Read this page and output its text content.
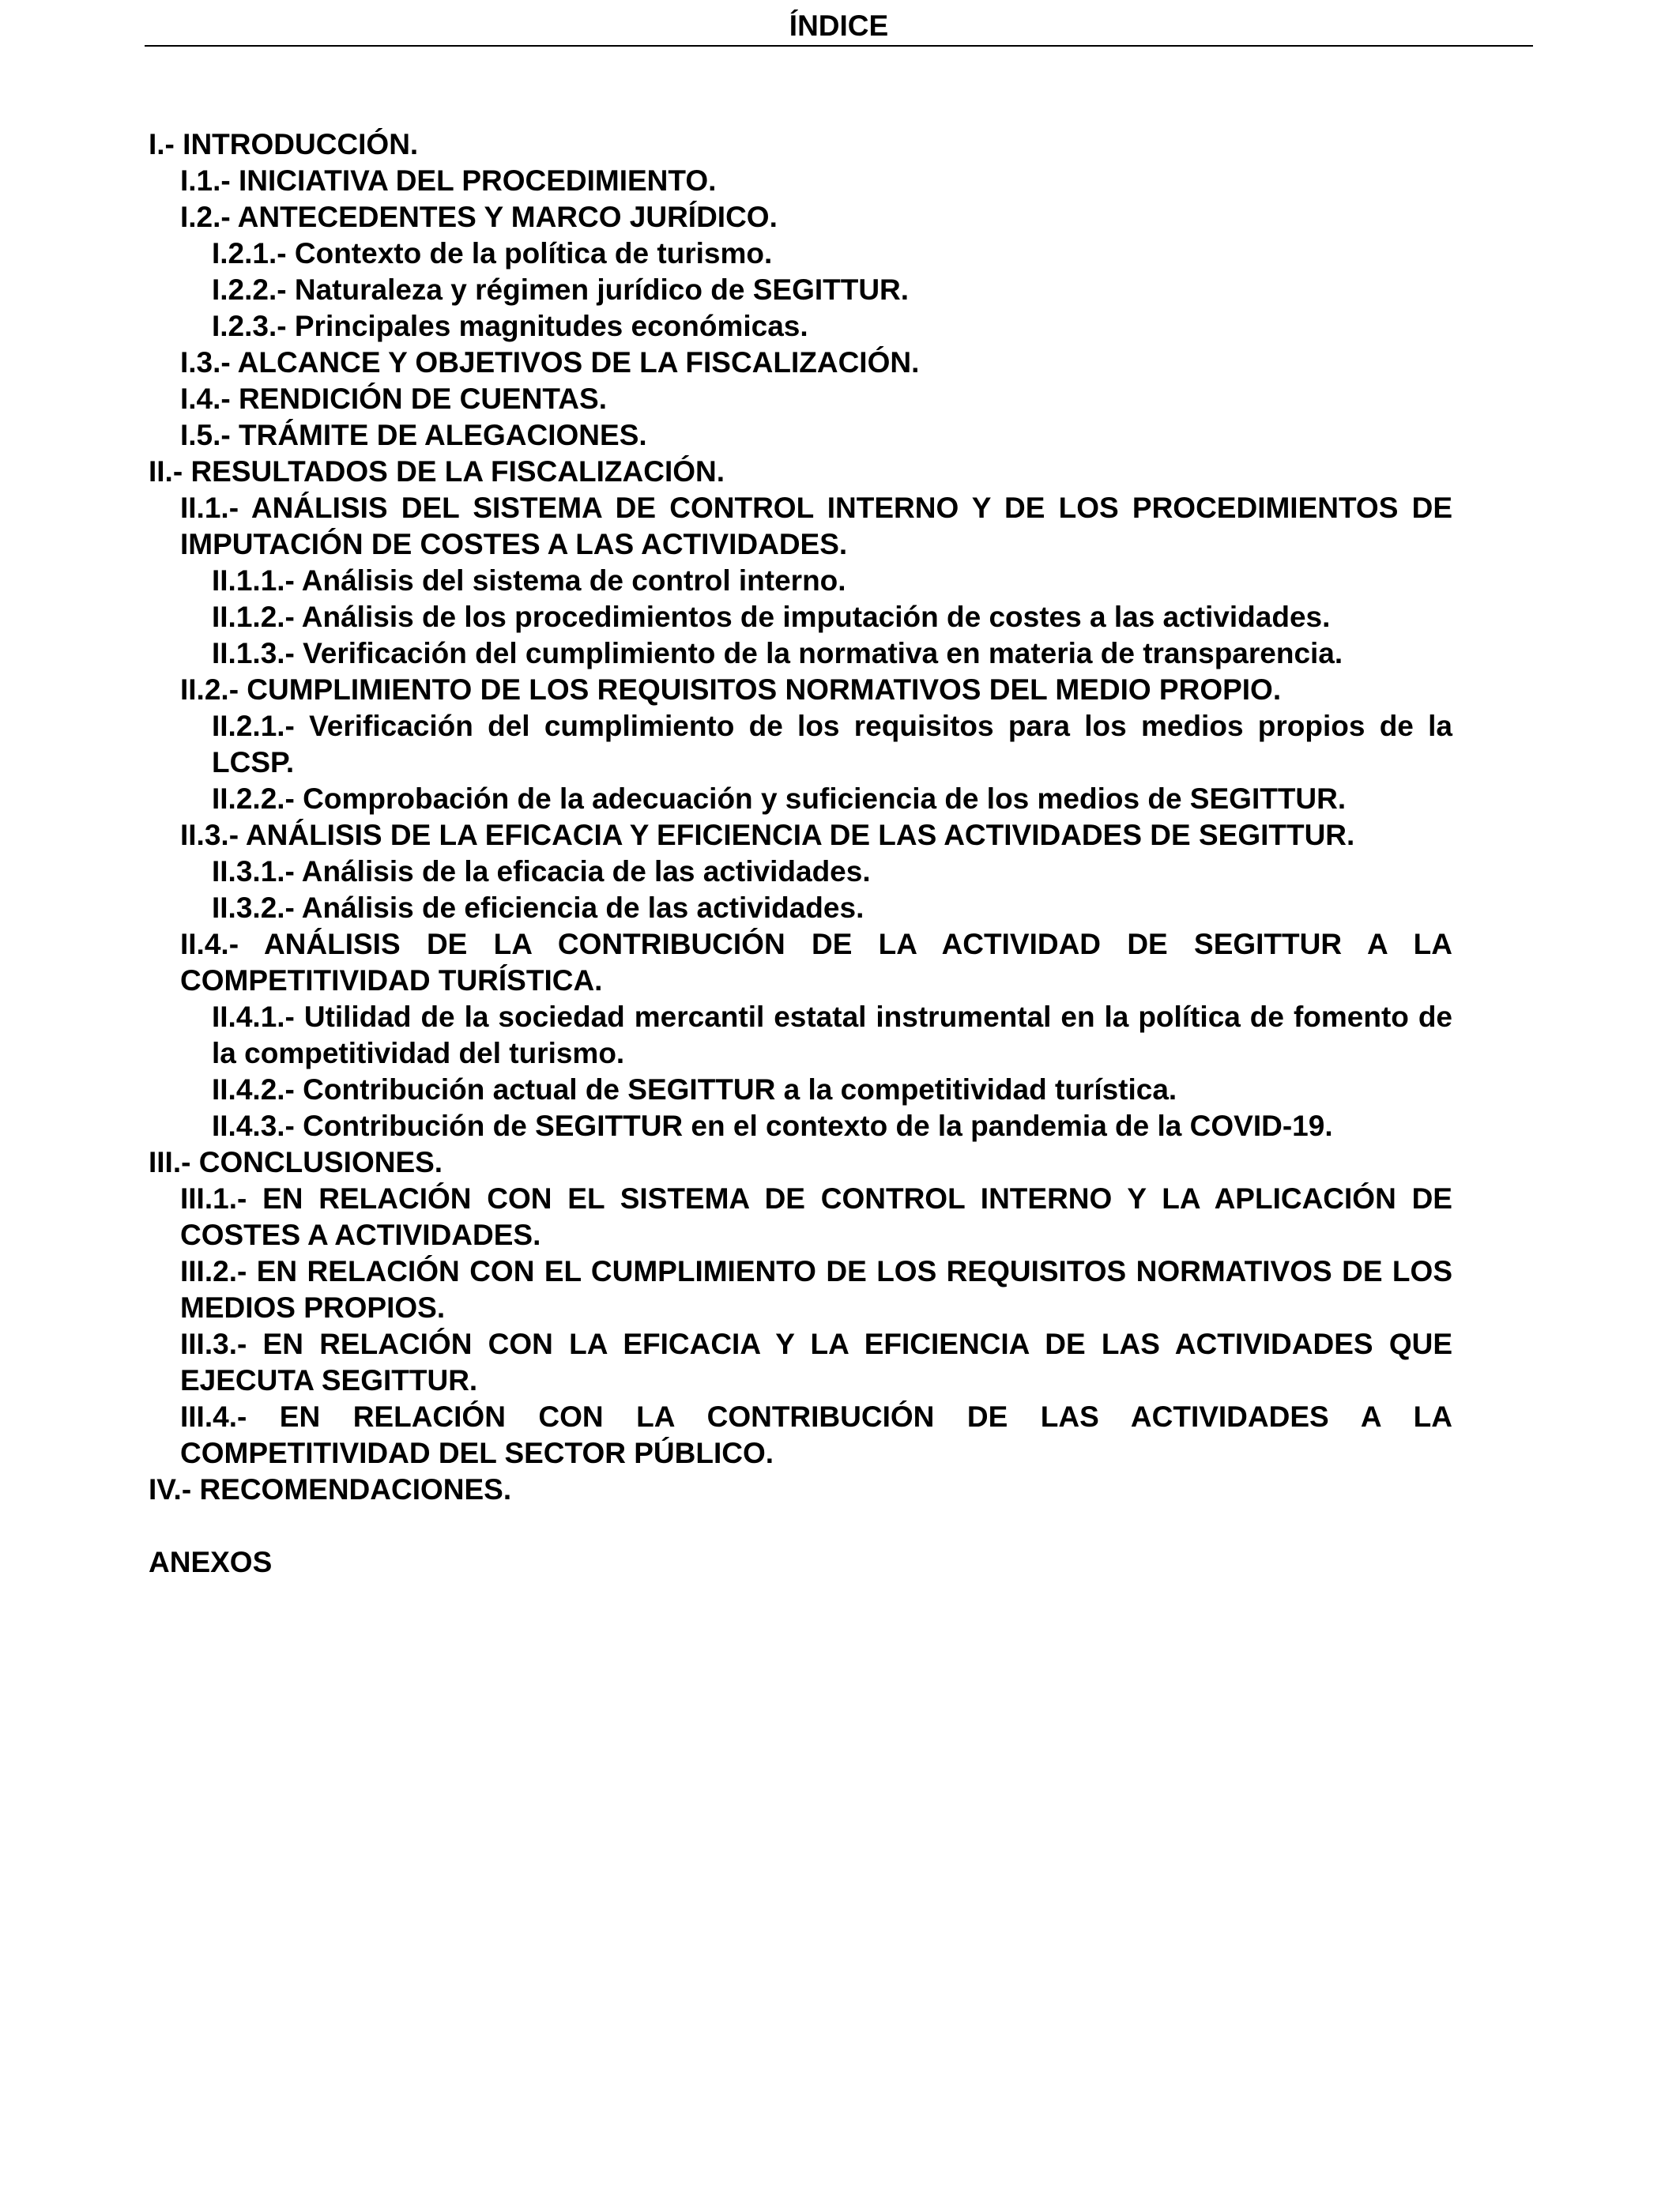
ÍNDICE
I.- INTRODUCCIÓN.
I.1.- INICIATIVA DEL PROCEDIMIENTO.
I.2.- ANTECEDENTES Y MARCO JURÍDICO.
I.2.1.- Contexto de la política de turismo.
I.2.2.- Naturaleza y régimen jurídico de SEGITTUR.
I.2.3.- Principales magnitudes económicas.
I.3.- ALCANCE Y OBJETIVOS DE LA FISCALIZACIÓN.
I.4.- RENDICIÓN DE CUENTAS.
I.5.- TRÁMITE DE ALEGACIONES.
II.- RESULTADOS DE LA FISCALIZACIÓN.
II.1.- ANÁLISIS DEL SISTEMA DE CONTROL INTERNO Y DE LOS PROCEDIMIENTOS DE IMPUTACIÓN DE COSTES A LAS ACTIVIDADES.
II.1.1.- Análisis del sistema de control interno.
II.1.2.- Análisis de los procedimientos de imputación de costes a las actividades.
II.1.3.- Verificación del cumplimiento de la normativa en materia de transparencia.
II.2.- CUMPLIMIENTO DE LOS REQUISITOS NORMATIVOS DEL MEDIO PROPIO.
II.2.1.- Verificación del cumplimiento de los requisitos para los medios propios de la LCSP.
II.2.2.- Comprobación de la adecuación y suficiencia de los medios de SEGITTUR.
II.3.- ANÁLISIS DE LA EFICACIA Y EFICIENCIA DE LAS ACTIVIDADES DE SEGITTUR.
II.3.1.- Análisis de la eficacia de las actividades.
II.3.2.- Análisis de eficiencia de las actividades.
II.4.- ANÁLISIS DE LA CONTRIBUCIÓN DE LA ACTIVIDAD DE SEGITTUR A LA COMPETITIVIDAD TURÍSTICA.
II.4.1.- Utilidad de la sociedad mercantil estatal instrumental en la política de fomento de la competitividad del turismo.
II.4.2.- Contribución actual de SEGITTUR a la competitividad turística.
II.4.3.- Contribución de SEGITTUR en el contexto de la pandemia de la COVID-19.
III.- CONCLUSIONES.
III.1.- EN RELACIÓN CON EL SISTEMA DE CONTROL INTERNO Y LA APLICACIÓN DE COSTES A ACTIVIDADES.
III.2.- EN RELACIÓN CON EL CUMPLIMIENTO DE LOS REQUISITOS NORMATIVOS DE LOS MEDIOS PROPIOS.
III.3.- EN RELACIÓN CON LA EFICACIA Y LA EFICIENCIA DE LAS ACTIVIDADES QUE EJECUTA SEGITTUR.
III.4.- EN RELACIÓN CON LA CONTRIBUCIÓN DE LAS ACTIVIDADES A LA COMPETITIVIDAD DEL SECTOR PÚBLICO.
IV.- RECOMENDACIONES.
ANEXOS
